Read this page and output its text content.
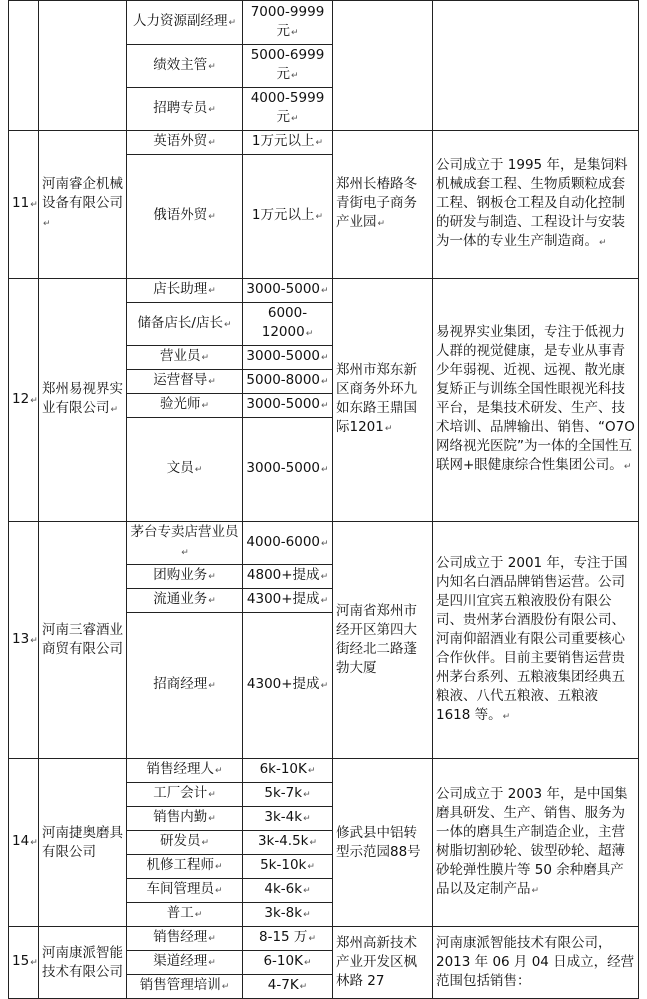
		人力资源副经理 ↵	7000-9999元 ↵		
		绩效主管 ↵	5000-6999元 ↵
		招聘专员 ↵	4000-5999元 ↵
11 ↵	河南睿企机械设备有限公司 ↵	英语外贸 ↵	1万元以上 ↵	郑州长椿路冬青街电子商务产业园 ↵	公司成立于 1995 年，是集饲料机械成套工程、生物质颗粒成套工程、钢板仓工程及自动化控制的研发与制造、工程设计与安装为一体的专业生产制造商。 ↵
		俄语外贸 ↵	1万元以上 ↵
12 ↵	郑州易视界实业有限公司 ↵	店长助理 ↵	3000-5000 ↵	郑州市郑东新区商务外环九如东路王鼎国际1201 ↵	易视界实业集团，专注于低视力人群的视觉健康，是专业从事青少年弱视、近视、远视、散光康复矫正与训练全国性眼视光科技平台，是集技术研发、生产、技术培训、品牌输出、销售、“O7O 网络视光医院”为一体的全国性互联网+眼健康综合性集团公司。 ↵
		储备店长/店长 ↵	6000-12000 ↵
		营业员 ↵	3000-5000 ↵
		运营督导 ↵	5000-8000 ↵
		验光师 ↵	3000-5000 ↵
		文员 ↵	3000-5000 ↵
13 ↵	河南三睿酒业商贸有限公司	茅台专卖店营业员 ↵	4000-6000 ↵	河南省郑州市经开区第四大街经北二路蓬勃大厦	公司成立于 2001 年，专注于国内知名白酒品牌销售运营。公司是四川宜宾五粮液股份有限公司、贵州茅台酒股份有限公司、河南仰韶酒业有限公司重要核心合作伙伴。目前主要销售运营贵州茅台系列、五粮液集团经典五粮液、八代五粮液、五粮液 1618 等。 ↵
		团购业务 ↵	4800+提成 ↵
		流通业务 ↵	4300+提成 ↵
		招商经理 ↵	4300+提成 ↵
14 ↵	河南捷奥磨具有限公司	销售经理人 ↵	6k-10K ↵	修武县中铝转型示范园88号	公司成立于 2003 年，是中国集磨具研发、生产、销售、服务为一体的磨具生产制造企业，主营树脂切割砂轮、钹型砂轮、超薄砂轮弹性膜片等 50 余种磨具产品以及定制产品 ↵
		工厂会计 ↵	5k-7k ↵
		销售内勤 ↵	3k-4k ↵
		研发员 ↵	3k-4.5k ↵
		机修工程师 ↵	5k-10k ↵
		车间管理员 ↵	4k-6k ↵
		普工 ↵	3k-8k ↵
15 ↵	河南康派智能技术有限公司	销售经理 ↵	8-15 万 ↵	郑州高新技术产业开发区枫林路 27	河南康派智能技术有限公司，2013 年 06 月 04 日成立，经营范围包括销售：
		渠道经理 ↵	6-10K ↵
		销售管理培训 ↵	4-7K ↵
